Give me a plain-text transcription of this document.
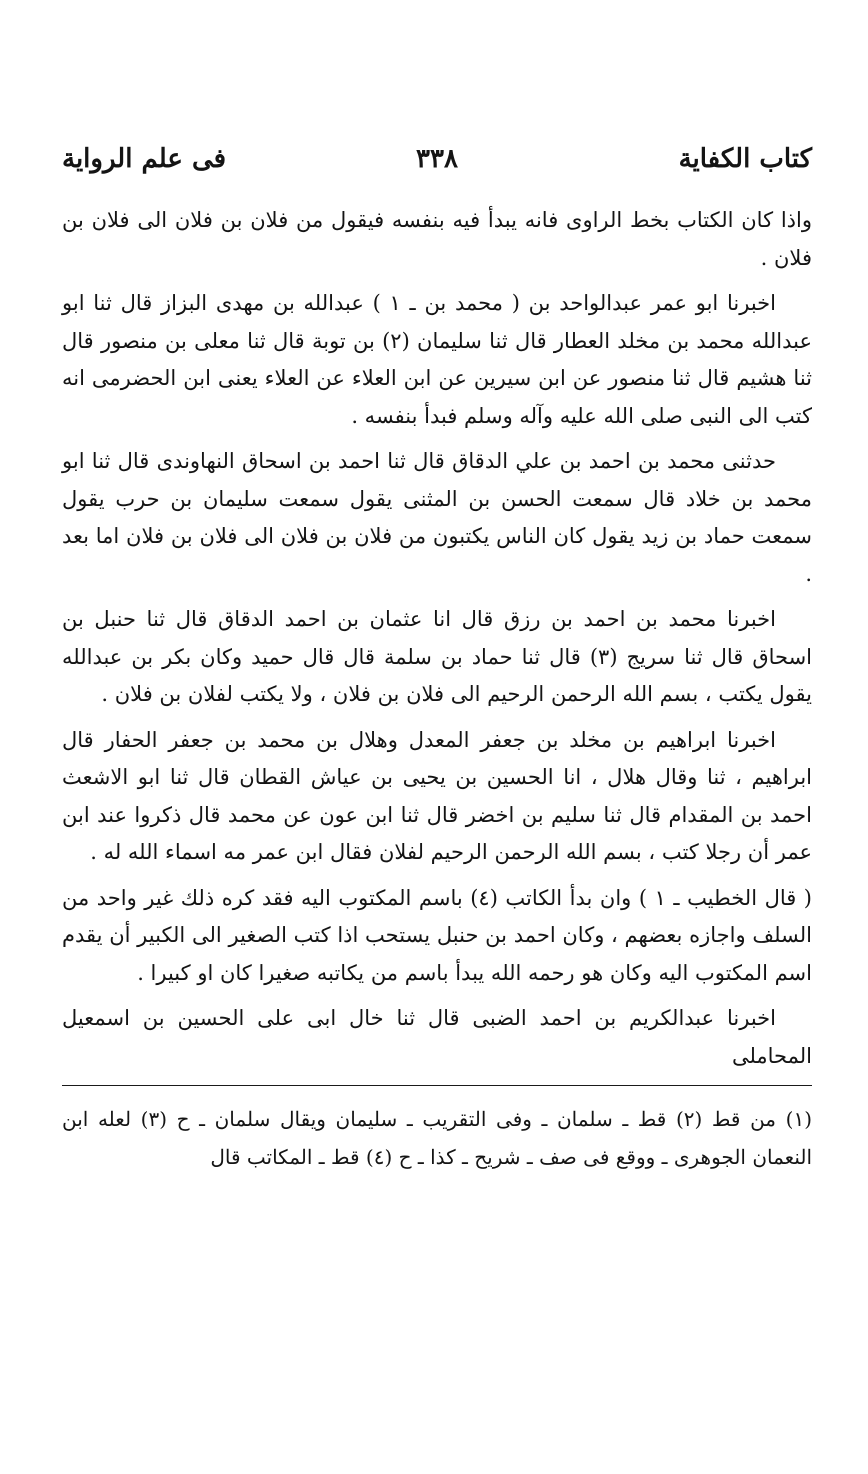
كتاب الكفاية
٣٣٨
فى علم الرواية

واذا كان الكتاب بخط الراوى فانه يبدأ فيه بنفسه فيقول من فلان بن فلان الى فلان بن فلان .

اخبرنا ابو عمر عبدالواحد بن ( محمد بن ـ ١ ) عبدالله بن مهدى البزاز قال ثنا ابو عبدالله محمد بن مخلد العطار قال ثنا سليمان (٢) بن توبة قال ثنا معلى بن منصور قال ثنا هشيم قال ثنا منصور عن ابن سيرين عن ابن العلاء عن العلاء يعنى ابن الحضرمى انه كتب الى النبى صلى الله عليه وآله وسلم فبدأ بنفسه .

حدثنى محمد بن احمد بن علي الدقاق قال ثنا احمد بن اسحاق النهاوندى قال ثنا ابو محمد بن خلاد قال سمعت الحسن بن المثنى يقول سمعت سليمان بن حرب يقول سمعت حماد بن زيد يقول كان الناس يكتبون من فلان بن فلان الى فلان بن فلان اما بعد .

اخبرنا محمد بن احمد بن رزق قال انا عثمان بن احمد الدقاق قال ثنا حنبل بن اسحاق قال ثنا سريج (٣) قال ثنا حماد بن سلمة قال قال حميد وكان بكر بن عبدالله يقول يكتب ، بسم الله الرحمن الرحيم الى فلان بن فلان ، ولا يكتب لفلان بن فلان .

اخبرنا ابراهيم بن مخلد بن جعفر المعدل وهلال بن محمد بن جعفر الحفار قال ابراهيم ، ثنا وقال هلال ، انا الحسين بن يحيى بن عياش القطان قال ثنا ابو الاشعث احمد بن المقدام قال ثنا سليم بن اخضر قال ثنا ابن عون عن محمد قال ذكروا عند ابن عمر أن رجلا كتب ، بسم الله الرحمن الرحيم لفلان فقال ابن عمر مه اسماء الله له .

( قال الخطيب ـ ١ ) وان بدأ الكاتب (٤) باسم المكتوب اليه فقد كره ذلك غير واحد من السلف واجازه بعضهم ، وكان احمد بن حنبل يستحب اذا كتب الصغير الى الكبير أن يقدم اسم المكتوب اليه وكان هو رحمه الله يبدأ باسم من يكاتبه صغيرا كان او كبيرا .

اخبرنا عبدالكريم بن احمد الضبى قال ثنا خال ابى على الحسين بن اسمعيل المحاملى

(١) من قط (٢) قط ـ سلمان ـ وفى التقريب ـ سليمان ويقال سلمان ـ ح (٣) لعله ابن النعمان الجوهرى ـ ووقع فى صف ـ شريح ـ كذا ـ ح (٤) قط ـ المكاتب قال
